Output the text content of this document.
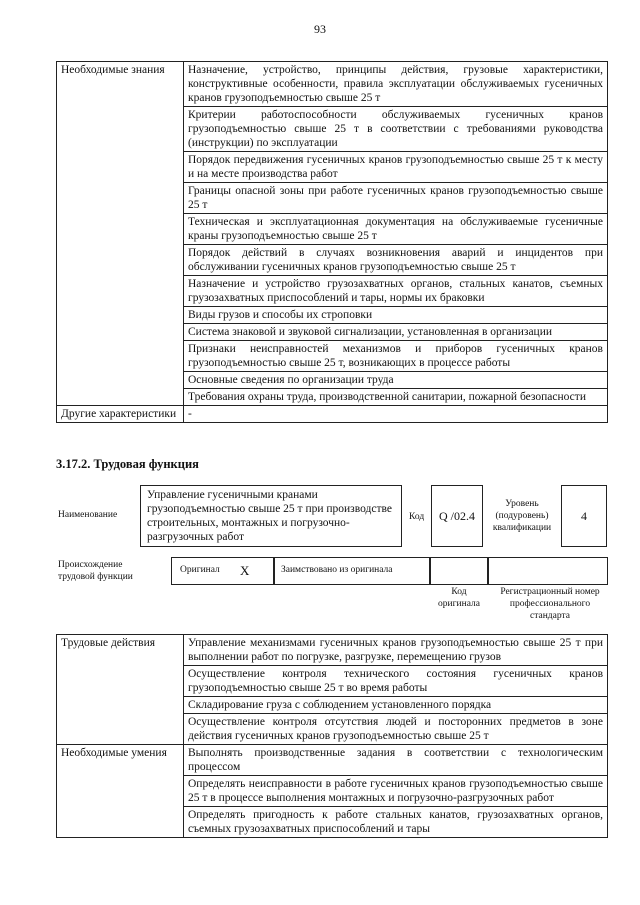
93
Необходимые знания	Назначение, устройство, принципы действия, грузовые характеристики, конструктивные особенности, правила эксплуатации обслуживаемых гусеничных кранов грузоподъемностью свыше 25 т
	Критерии работоспособности обслуживаемых гусеничных кранов грузоподъемностью свыше 25 т в соответствии с требованиями руководства (инструкции) по эксплуатации
	Порядок передвижения гусеничных кранов грузоподъемностью свыше 25 т к месту и на месте производства работ
	Границы опасной зоны при работе гусеничных кранов грузоподъемностью свыше 25 т
	Техническая и эксплуатационная документация на обслуживаемые гусеничные краны грузоподъемностью свыше 25 т
	Порядок действий в случаях возникновения аварий и инцидентов при обслуживании гусеничных кранов грузоподъемностью свыше 25 т
	Назначение и устройство грузозахватных органов, стальных канатов, съемных грузозахватных приспособлений и тары, нормы их браковки
	Виды грузов и способы их строповки
	Система знаковой и звуковой сигнализации, установленная в организации
	Признаки неисправностей механизмов и приборов гусеничных кранов грузоподъемностью свыше 25 т, возникающих в процессе работы
	Основные сведения по организации труда
	Требования охраны труда, производственной санитарии, пожарной безопасности
Другие характеристики	-
3.17.2. Трудовая функция
Наименование
Управление гусеничными кранами грузоподъемностью свыше 25 т при производстве строительных, монтажных и погрузочно-разгрузочных работ
Код	Q /02.4
Уровень (подуровень) квалификации
4
Происхождение трудовой функции
Оригинал X	Заимствовано из оригинала
Код оригинала
Регистрационный номер профессионального стандарта
Трудовые действия	Управление механизмами гусеничных кранов грузоподъемностью свыше 25 т при выполнении работ по погрузке, разгрузке, перемещению грузов
	Осуществление контроля технического состояния гусеничных кранов грузоподъемностью свыше 25 т во время работы
	Складирование груза с соблюдением установленного порядка
	Осуществление контроля отсутствия людей и посторонних предметов в зоне действия гусеничных кранов грузоподъемностью свыше 25 т
Необходимые умения	Выполнять производственные задания в соответствии с технологическим процессом
	Определять неисправности в работе гусеничных кранов грузоподъемностью свыше 25 т в процессе выполнения монтажных и погрузочно-разгрузочных работ
	Определять пригодность к работе стальных канатов, грузозахватных органов, съемных грузозахватных приспособлений и тары
